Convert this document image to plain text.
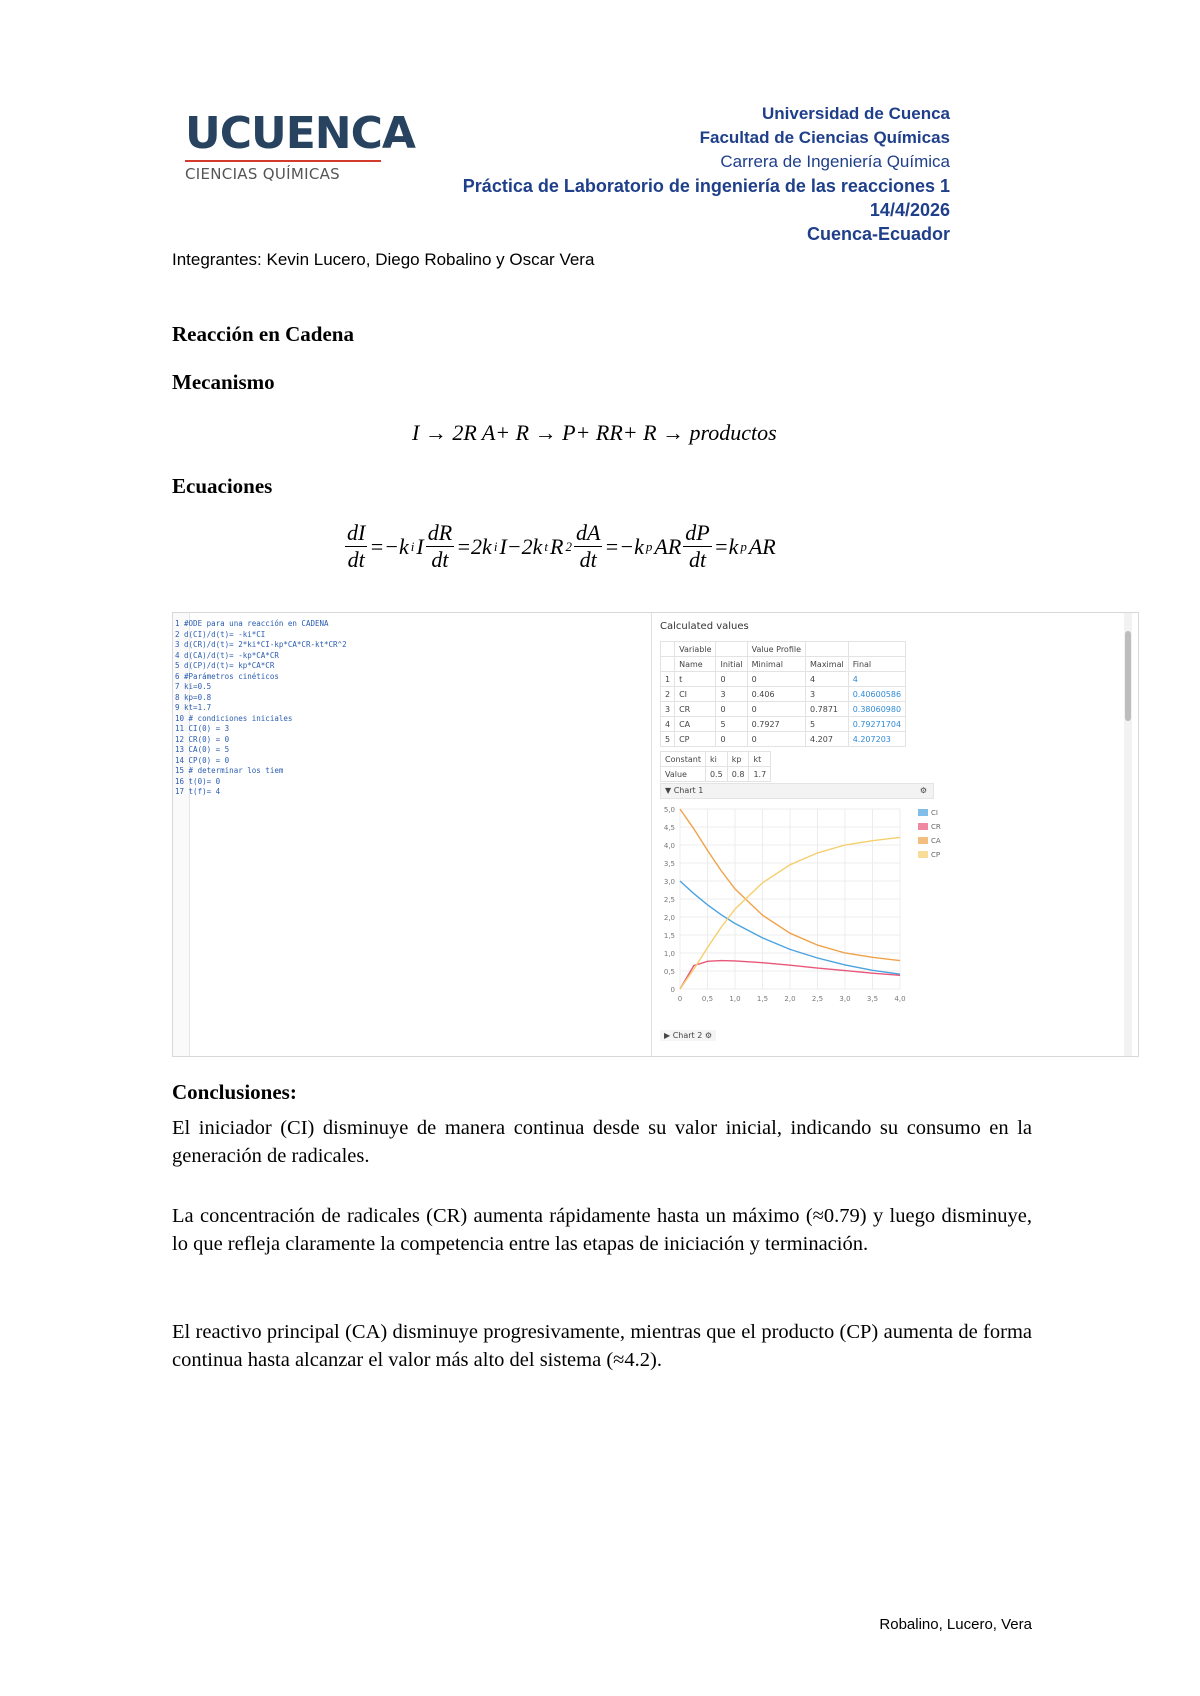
UCUENCA
CIENCIAS QUÍMICAS
Universidad de Cuenca
Facultad de Ciencias Químicas
Carrera de Ingeniería Química
Práctica de Laboratorio de ingeniería de las reacciones 1
14/4/2026
Cuenca-Ecuador
Integrantes: Kevin Lucero, Diego Robalino y Oscar Vera
Reacción en Cadena
Mecanismo
I → 2R A+ R → P+ RR+ R → productos
Ecuaciones
$\frac{dI}{dt} =-k$ i I $\frac{dR}{dt} =2k$ i I−2k t R $2 \frac{dA}{dt} =-k$ p AR $\frac{dP}{dt} =k$ p AR
1 #ODE para una reacción en CADENA
2 d(CI)/d(t)= -ki*CI
3 d(CR)/d(t)= 2*ki*CI-kp*CA*CR-kt*CR^2
4 d(CA)/d(t)= -kp*CA*CR
5 d(CP)/d(t)= kp*CA*CR
6 #Parámetros cinéticos
7 ki=0.5
8 kp=0.8
9 kt=1.7
10 # condiciones iniciales
11 CI(0) = 3
12 CR(0) = 0
13 CA(0) = 5
14 CP(0) = 0
15 # determinar los tiem
16 t(0)= 0
17 t(f)= 4
Calculated values
	Variable		Value Profile		
	Name	Initial	Minimal	Maximal	Final
1	t	0	0	4	4
2	CI	3	0.406	3	0.40600586
3	CR	0	0	0.7871	0.38060980
4	CA	5	0.7927	5	0.79271704
5	CP	0	0	4.207	4.207203
Constant	ki	kp	kt
Value	0.5	0.8	1.7
▼ Chart 1	⚙
0
0,5
1,0
1,5
2,0
2,5
3,0
3,5
4,0
4,5
5,0
0	0,5 1,0 1,5 2,0 2,5 3,0 3,5 4,0
CI
CR
CA
CP
▶ Chart 2 ⚙
Conclusiones:

El iniciador (CI) disminuye de manera continua desde su valor inicial, indicando su consumo en la generación de radicales.

La concentración de radicales (CR) aumenta rápidamente hasta un máximo (≈0.79) y luego disminuye, lo que refleja claramente la competencia entre las etapas de iniciación y terminación.

El reactivo principal (CA) disminuye progresivamente, mientras que el producto (CP) aumenta de forma continua hasta alcanzar el valor más alto del sistema (≈4.2).

Robalino, Lucero, Vera
